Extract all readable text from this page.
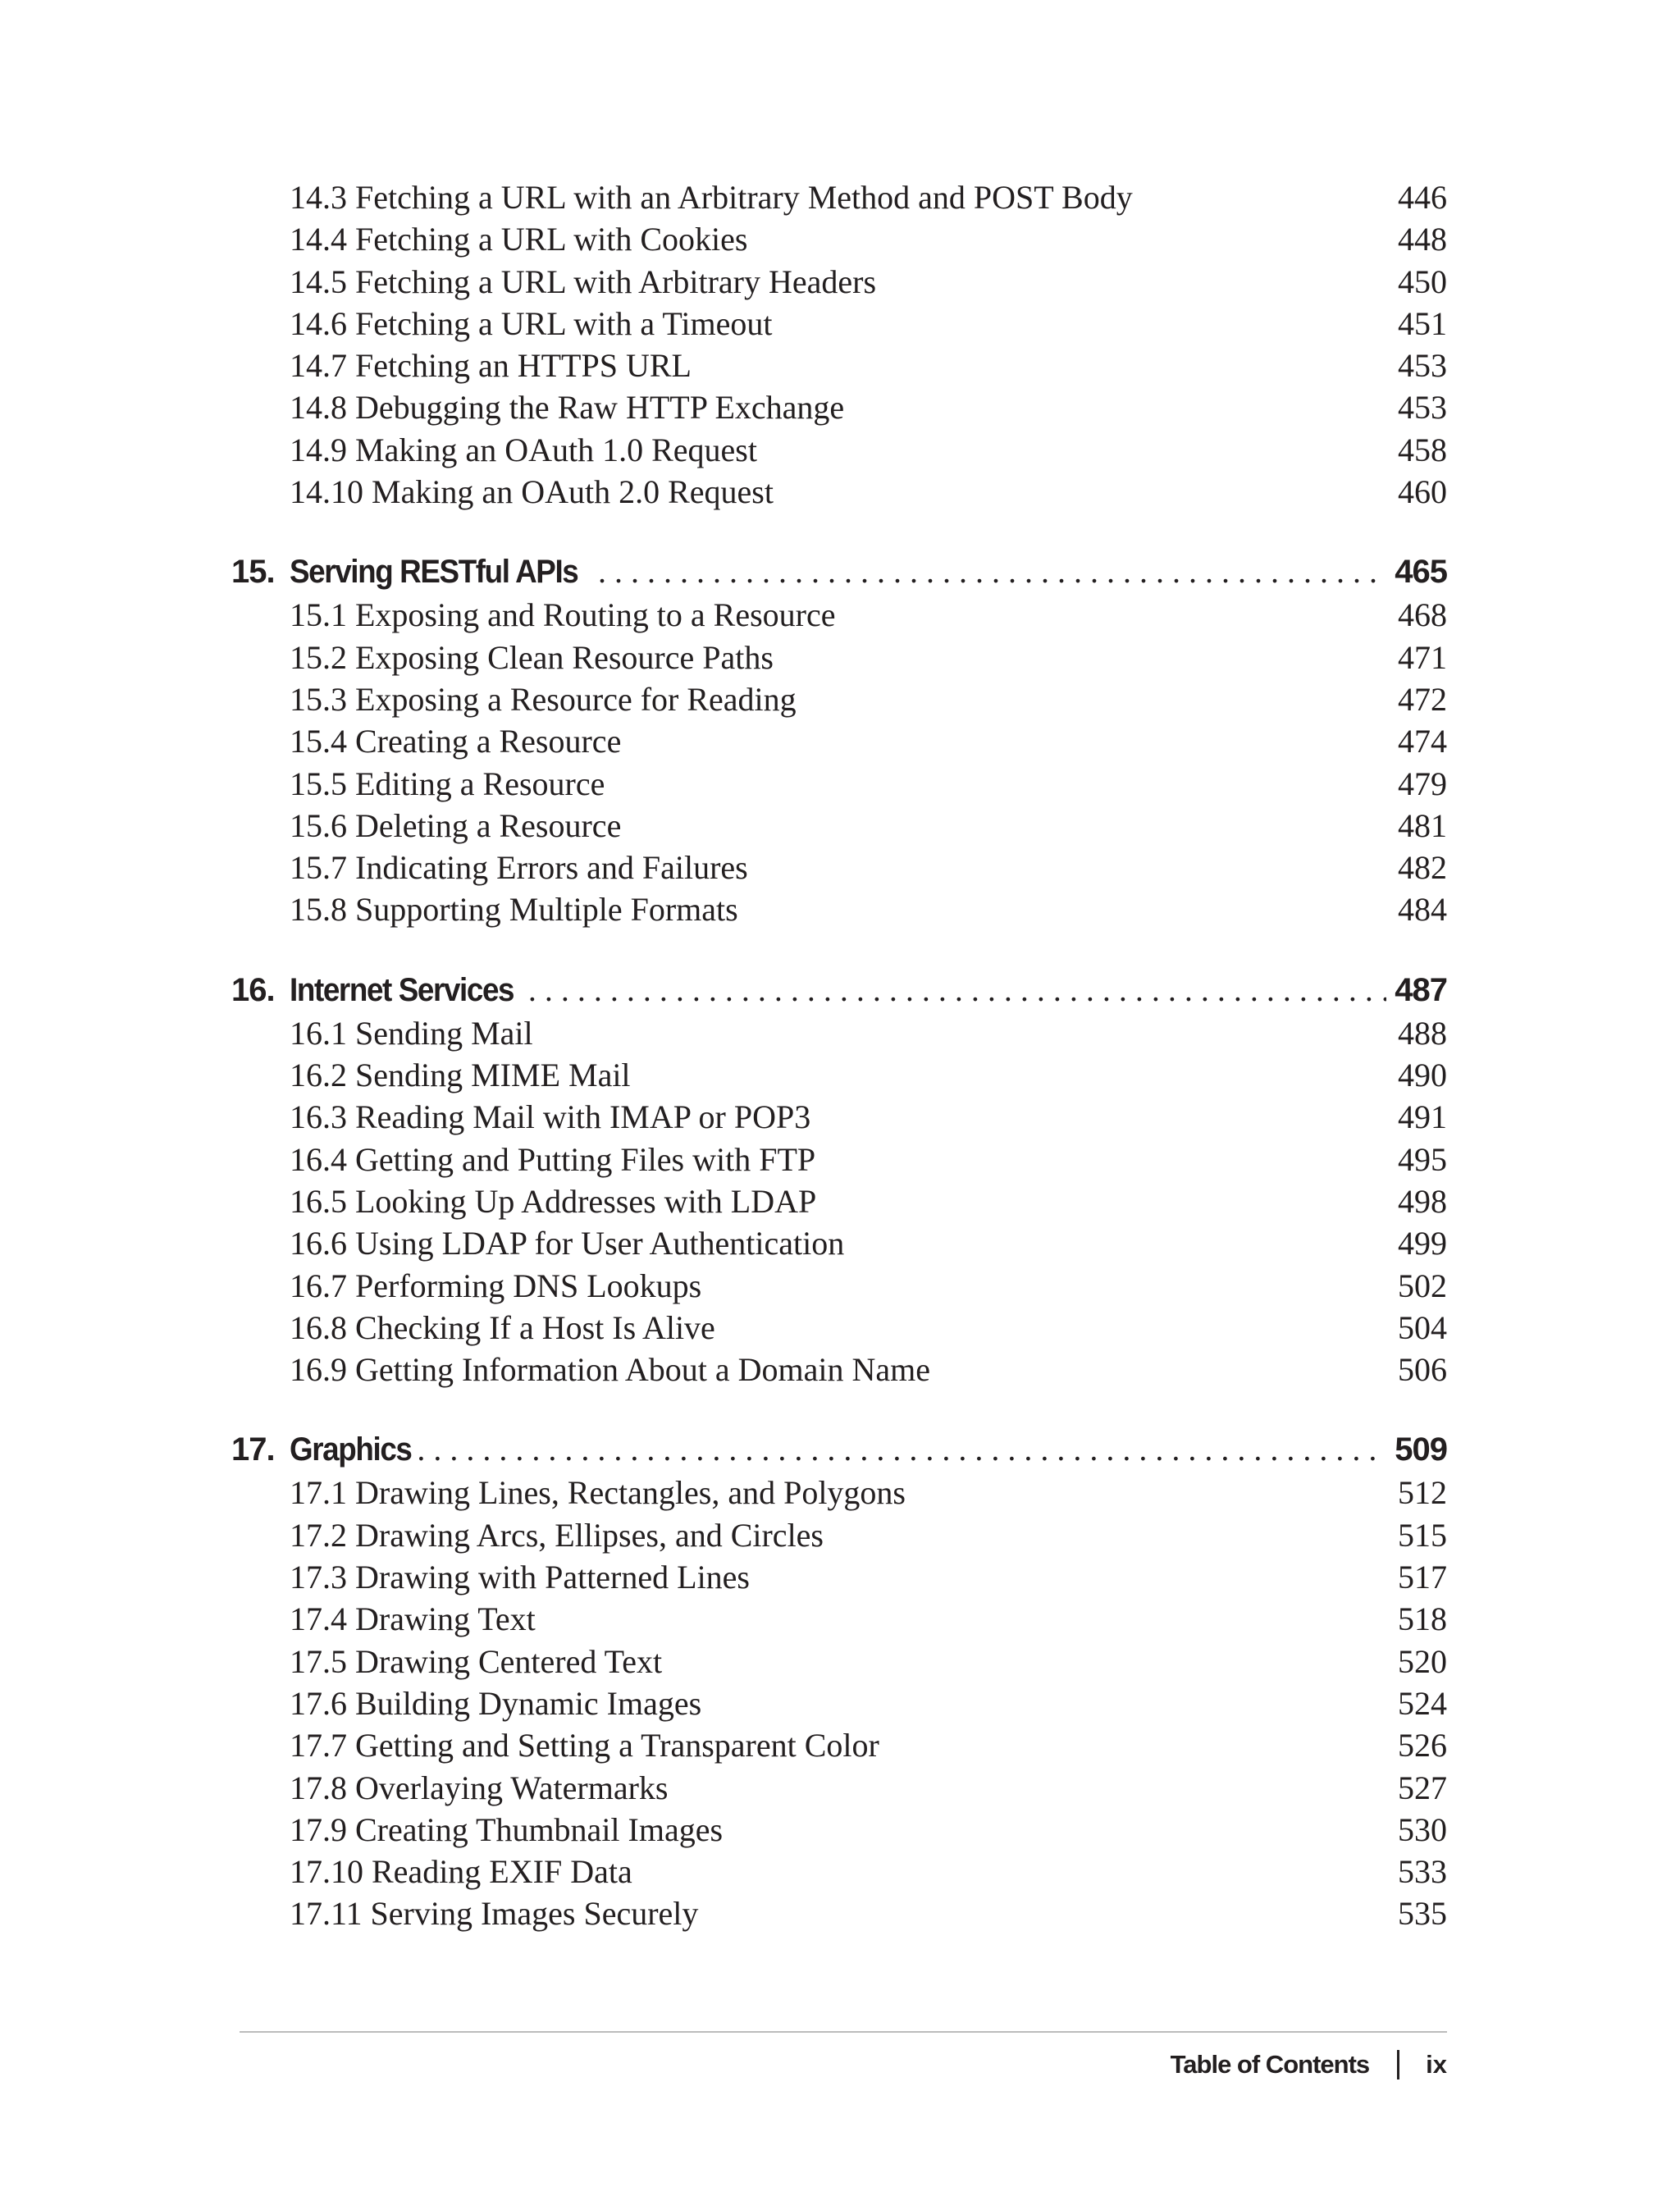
14.3 Fetching a URL with an Arbitrary Method and POST Body	446
14.4 Fetching a URL with Cookies	448
14.5 Fetching a URL with Arbitrary Headers	450
14.6 Fetching a URL with a Timeout	451
14.7 Fetching an HTTPS URL	453
14.8 Debugging the Raw HTTP Exchange	453
14.9 Making an OAuth 1.0 Request	458
14.10 Making an OAuth 2.0 Request	460
15. Serving RESTful APIs . . .	465
15.1 Exposing and Routing to a Resource	468
15.2 Exposing Clean Resource Paths	471
15.3 Exposing a Resource for Reading	472
15.4 Creating a Resource	474
15.5 Editing a Resource	479
15.6 Deleting a Resource	481
15.7 Indicating Errors and Failures	482
15.8 Supporting Multiple Formats	484
16. Internet Services . . .	487
16.1 Sending Mail	488
16.2 Sending MIME Mail	490
16.3 Reading Mail with IMAP or POP3	491
16.4 Getting and Putting Files with FTP	495
16.5 Looking Up Addresses with LDAP	498
16.6 Using LDAP for User Authentication	499
16.7 Performing DNS Lookups	502
16.8 Checking If a Host Is Alive	504
16.9 Getting Information About a Domain Name	506
17. Graphics . . .	509
17.1 Drawing Lines, Rectangles, and Polygons	512
17.2 Drawing Arcs, Ellipses, and Circles	515
17.3 Drawing with Patterned Lines	517
17.4 Drawing Text	518
17.5 Drawing Centered Text	520
17.6 Building Dynamic Images	524
17.7 Getting and Setting a Transparent Color	526
17.8 Overlaying Watermarks	527
17.9 Creating Thumbnail Images	530
17.10 Reading EXIF Data	533
17.11 Serving Images Securely	535
Table of Contents ix
